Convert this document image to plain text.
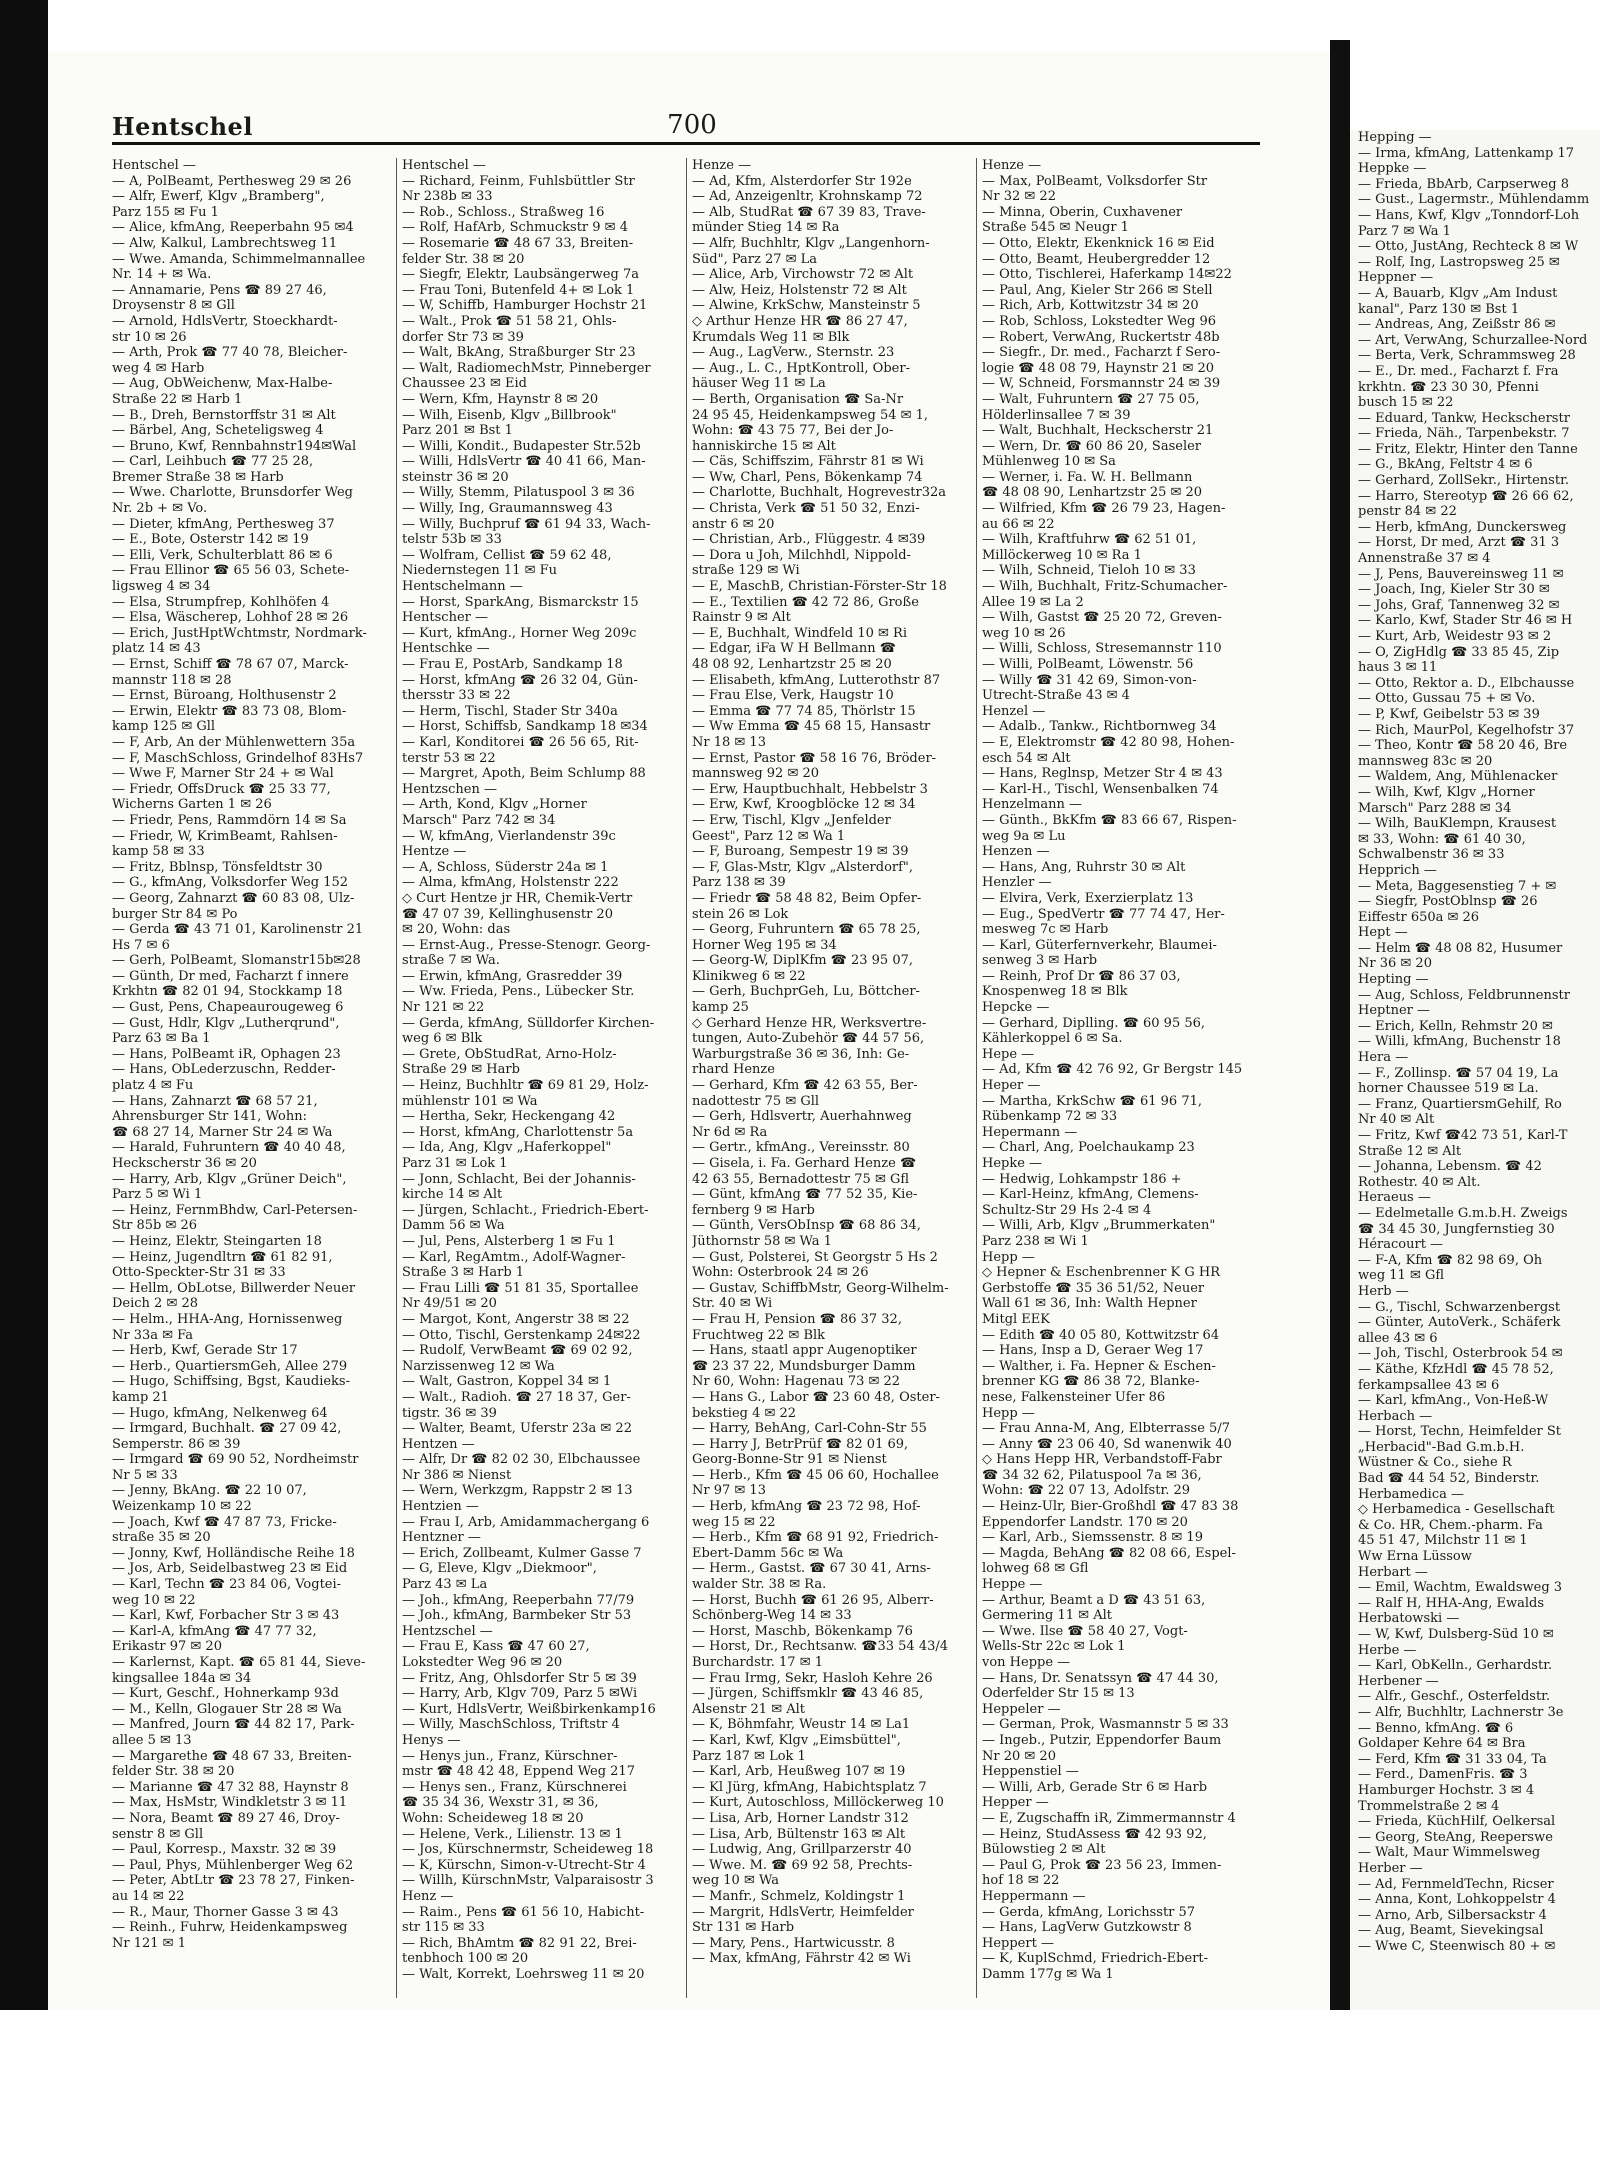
Hentschel	700
Hentschel —
— A, PolBeamt, Perthesweg 29 ✉ 26
— Alfr, Ewerf, Klgv „Bramberg",
Parz 155 ✉ Fu 1
— Alice, kfmAng, Reeperbahn 95 ✉4
— Alw, Kalkul, Lambrechtsweg 11
— Wwe. Amanda, Schimmelmannallee
Nr. 14 + ✉ Wa.
— Annamarie, Pens ☎ 89 27 46,
Droysenstr 8 ✉ Gll
— Arnold, HdlsVertr, Stoeckhardt-
str 10 ✉ 26
— Arth, Prok ☎ 77 40 78, Bleicher-
weg 4 ✉ Harb
— Aug, ObWeichenw, Max-Halbe-
Straße 22 ✉ Harb 1
— B., Dreh, Bernstorffstr 31 ✉ Alt
— Bärbel, Ang, Scheteligsweg 4
— Bruno, Kwf, Rennbahnstr194✉Wal
— Carl, Leihbuch ☎ 77 25 28,
Bremer Straße 38 ✉ Harb
— Wwe. Charlotte, Brunsdorfer Weg
Nr. 2b + ✉ Vo.
— Dieter, kfmAng, Perthesweg 37
— E., Bote, Osterstr 142 ✉ 19
— Elli, Verk, Schulterblatt 86 ✉ 6
— Frau Ellinor ☎ 65 56 03, Schete-
ligsweg 4 ✉ 34
— Elsa, Strumpfrep, Kohlhöfen 4
— Elsa, Wäscherep, Lohhof 28 ✉ 26
— Erich, JustHptWchtmstr, Nordmark-
platz 14 ✉ 43
— Ernst, Schiff ☎ 78 67 07, Marck-
mannstr 118 ✉ 28
— Ernst, Büroang, Holthusenstr 2
— Erwin, Elektr ☎ 83 73 08, Blom-
kamp 125 ✉ Gll
— F, Arb, An der Mühlenwettern 35a
— F, MaschSchloss, Grindelhof 83Hs7
— Wwe F, Marner Str 24 + ✉ Wal
— Friedr, OffsDruck ☎ 25 33 77,
Wicherns Garten 1 ✉ 26
— Friedr, Pens, Rammdörn 14 ✉ Sa
— Friedr, W, KrimBeamt, Rahlsen-
kamp 58 ✉ 33
— Fritz, Bblnsp, Tönsfeldtstr 30
— G., kfmAng, Volksdorfer Weg 152
— Georg, Zahnarzt ☎ 60 83 08, Ulz-
burger Str 84 ✉ Po
— Gerda ☎ 43 71 01, Karolinenstr 21
Hs 7 ✉ 6
— Gerh, PolBeamt, Slomanstr15b✉28
— Günth, Dr med, Facharzt f innere
Krkhtn ☎ 82 01 94, Stockkamp 18
— Gust, Pens, Chapeaurougeweg 6
— Gust, Hdlr, Klgv „Lutherqrund",
Parz 63 ✉ Ba 1
— Hans, PolBeamt iR, Ophagen 23
— Hans, ObLederzuschn, Redder-
platz 4 ✉ Fu
— Hans, Zahnarzt ☎ 68 57 21,
Ahrensburger Str 141, Wohn:
☎ 68 27 14, Marner Str 24 ✉ Wa
— Harald, Fuhruntern ☎ 40 40 48,
Heckscherstr 36 ✉ 20
— Harry, Arb, Klgv „Grüner Deich",
Parz 5 ✉ Wi 1
— Heinz, FernmBhdw, Carl-Petersen-
Str 85b ✉ 26
— Heinz, Elektr, Steingarten 18
— Heinz, Jugendltrn ☎ 61 82 91,
Otto-Speckter-Str 31 ✉ 33
— Hellm, ObLotse, Billwerder Neuer
Deich 2 ✉ 28
— Helm., HHA-Ang, Hornissenweg
Nr 33a ✉ Fa
— Herb, Kwf, Gerade Str 17
— Herb., QuartiersmGeh, Allee 279
— Hugo, Schiffsing, Bgst, Kaudieks-
kamp 21
— Hugo, kfmAng, Nelkenweg 64
— Irmgard, Buchhalt. ☎ 27 09 42,
Semperstr. 86 ✉ 39
— Irmgard ☎ 69 90 52, Nordheimstr
Nr 5 ✉ 33
— Jenny, BkAng. ☎ 22 10 07,
Weizenkamp 10 ✉ 22
— Joach, Kwf ☎ 47 87 73, Fricke-
straße 35 ✉ 20
— Jonny, Kwf, Holländische Reihe 18
— Jos, Arb, Seidelbastweg 23 ✉ Eid
— Karl, Techn ☎ 23 84 06, Vogtei-
weg 10 ✉ 22
— Karl, Kwf, Forbacher Str 3 ✉ 43
— Karl-A, kfmAng ☎ 47 77 32,
Erikastr 97 ✉ 20
— Karlernst, Kapt. ☎ 65 81 44, Sieve-
kingsallee 184a ✉ 34
— Kurt, Geschf., Hohnerkamp 93d
— M., Kelln, Glogauer Str 28 ✉ Wa
— Manfred, Journ ☎ 44 82 17, Park-
allee 5 ✉ 13
— Margarethe ☎ 48 67 33, Breiten-
felder Str. 38 ✉ 20
— Marianne ☎ 47 32 88, Haynstr 8
— Max, HsMstr, Windkletstr 3 ✉ 11
— Nora, Beamt ☎ 89 27 46, Droy-
senstr 8 ✉ Gll
— Paul, Korresp., Maxstr. 32 ✉ 39
— Paul, Phys, Mühlenberger Weg 62
— Peter, AbtLtr ☎ 23 78 27, Finken-
au 14 ✉ 22
— R., Maur, Thorner Gasse 3 ✉ 43
— Reinh., Fuhrw, Heidenkampsweg
Nr 121 ✉ 1
Hentschel —
— Richard, Feinm, Fuhlsbüttler Str
Nr 238b ✉ 33
— Rob., Schloss., Straßweg 16
— Rolf, HafArb, Schmuckstr 9 ✉ 4
— Rosemarie ☎ 48 67 33, Breiten-
felder Str. 38 ✉ 20
— Siegfr, Elektr, Laubsängerweg 7a
— Frau Toni, Butenfeld 4+ ✉ Lok 1
— W, Schiffb, Hamburger Hochstr 21
— Walt., Prok ☎ 51 58 21, Ohls-
dorfer Str 73 ✉ 39
— Walt, BkAng, Straßburger Str 23
— Walt, RadiomechMstr, Pinneberger
Chaussee 23 ✉ Eid
— Wern, Kfm, Haynstr 8 ✉ 20
— Wilh, Eisenb, Klgv „Billbrook"
Parz 201 ✉ Bst 1
— Willi, Kondit., Budapester Str.52b
— Willi, HdlsVertr ☎ 40 41 66, Man-
steinstr 36 ✉ 20
— Willy, Stemm, Pilatuspool 3 ✉ 36
— Willy, Ing, Graumannsweg 43
— Willy, Buchpruf ☎ 61 94 33, Wach-
telstr 53b ✉ 33
— Wolfram, Cellist ☎ 59 62 48,
Niedernstegen 11 ✉ Fu
Hentschelmann —
— Horst, SparkAng, Bismarckstr 15
Hentscher —
— Kurt, kfmAng., Horner Weg 209c
Hentschke —
— Frau E, PostArb, Sandkamp 18
— Horst, kfmAng ☎ 26 32 04, Gün-
thersstr 33 ✉ 22
— Herm, Tischl, Stader Str 340a
— Horst, Schiffsb, Sandkamp 18 ✉34
— Karl, Konditorei ☎ 26 56 65, Rit-
terstr 53 ✉ 22
— Margret, Apoth, Beim Schlump 88
Hentzschen —
— Arth, Kond, Klgv „Horner
Marsch" Parz 742 ✉ 34
— W, kfmAng, Vierlandenstr 39c
Hentze —
— A, Schloss, Süderstr 24a ✉ 1
— Alma, kfmAng, Holstenstr 222
◇ Curt Hentze jr HR, Chemik-Vertr
☎ 47 07 39, Kellinghusenstr 20
✉ 20, Wohn: das
— Ernst-Aug., Presse-Stenogr. Georg-
straße 7 ✉ Wa.
— Erwin, kfmAng, Grasredder 39
— Ww. Frieda, Pens., Lübecker Str.
Nr 121 ✉ 22
— Gerda, kfmAng, Sülldorfer Kirchen-
weg 6 ✉ Blk
— Grete, ObStudRat, Arno-Holz-
Straße 29 ✉ Harb
— Heinz, Buchhltr ☎ 69 81 29, Holz-
mühlenstr 101 ✉ Wa
— Hertha, Sekr, Heckengang 42
— Horst, kfmAng, Charlottenstr 5a
— Ida, Ang, Klgv „Haferkoppel"
Parz 31 ✉ Lok 1
— Jonn, Schlacht, Bei der Johannis-
kirche 14 ✉ Alt
— Jürgen, Schlacht., Friedrich-Ebert-
Damm 56 ✉ Wa
— Jul, Pens, Alsterberg 1 ✉ Fu 1
— Karl, RegAmtm., Adolf-Wagner-
Straße 3 ✉ Harb 1
— Frau Lilli ☎ 51 81 35, Sportallee
Nr 49/51 ✉ 20
— Margot, Kont, Angerstr 38 ✉ 22
— Otto, Tischl, Gerstenkamp 24✉22
— Rudolf, VerwBeamt ☎ 69 02 92,
Narzissenweg 12 ✉ Wa
— Walt, Gastron, Koppel 34 ✉ 1
— Walt., Radioh. ☎ 27 18 37, Ger-
tigstr. 36 ✉ 39
— Walter, Beamt, Uferstr 23a ✉ 22
Hentzen —
— Alfr, Dr ☎ 82 02 30, Elbchaussee
Nr 386 ✉ Nienst
— Wern, Werkzgm, Rappstr 2 ✉ 13
Hentzien —
— Frau I, Arb, Amidammachergang 6
Hentzner —
— Erich, Zollbeamt, Kulmer Gasse 7
— G, Eleve, Klgv „Diekmoor",
Parz 43 ✉ La
— Joh., kfmAng, Reeperbahn 77/79
— Joh., kfmAng, Barmbeker Str 53
Hentzschel —
— Frau E, Kass ☎ 47 60 27,
Lokstedter Weg 96 ✉ 20
— Fritz, Ang, Ohlsdorfer Str 5 ✉ 39
— Harry, Arb, Klgv 709, Parz 5 ✉Wi
— Kurt, HdlsVertr, Weißbirkenkamp16
— Willy, MaschSchloss, Triftstr 4
Henys —
— Henys jun., Franz, Kürschner-
mstr ☎ 48 42 48, Eppend Weg 217
— Henys sen., Franz, Kürschnerei
☎ 35 34 36, Wexstr 31, ✉ 36,
Wohn: Scheideweg 18 ✉ 20
— Helene, Verk., Lilienstr. 13 ✉ 1
— Jos, Kürschnermstr, Scheideweg 18
— K, Kürschn, Simon-v-Utrecht-Str 4
— Willh, KürschnMstr, Valparaisostr 3
Henz —
— Raim., Pens ☎ 61 56 10, Habicht-
str 115 ✉ 33
— Rich, BhAmtm ☎ 82 91 22, Brei-
tenbhoch 100 ✉ 20
— Walt, Korrekt, Loehrsweg 11 ✉ 20
Henze —
— Ad, Kfm, Alsterdorfer Str 192e
— Ad, Anzeigenltr, Krohnskamp 72
— Alb, StudRat ☎ 67 39 83, Trave-
münder Stieg 14 ✉ Ra
— Alfr, Buchhltr, Klgv „Langenhorn-
Süd", Parz 27 ✉ La
— Alice, Arb, Virchowstr 72 ✉ Alt
— Alw, Heiz, Holstenstr 72 ✉ Alt
— Alwine, KrkSchw, Mansteinstr 5
◇ Arthur Henze HR ☎ 86 27 47,
Krumdals Weg 11 ✉ Blk
— Aug., LagVerw., Sternstr. 23
— Aug., L. C., HptKontroll, Ober-
häuser Weg 11 ✉ La
— Berth, Organisation ☎ Sa-Nr
24 95 45, Heidenkampsweg 54 ✉ 1,
Wohn: ☎ 43 75 77, Bei der Jo-
hanniskirche 15 ✉ Alt
— Cäs, Schiffszim, Fährstr 81 ✉ Wi
— Ww, Charl, Pens, Bökenkamp 74
— Charlotte, Buchhalt, Hogrevestr32a
— Christa, Verk ☎ 51 50 32, Enzi-
anstr 6 ✉ 20
— Christian, Arb., Flüggestr. 4 ✉39
— Dora u Joh, Milchhdl, Nippold-
straße 129 ✉ Wi
— E, MaschB, Christian-Förster-Str 18
— E., Textilien ☎ 42 72 86, Große
Rainstr 9 ✉ Alt
— E, Buchhalt, Windfeld 10 ✉ Ri
— Edgar, iFa W H Bellmann ☎
48 08 92, Lenhartzstr 25 ✉ 20
— Elisabeth, kfmAng, Lutterothstr 87
— Frau Else, Verk, Haugstr 10
— Emma ☎ 77 74 85, Thörlstr 15
— Ww Emma ☎ 45 68 15, Hansastr
Nr 18 ✉ 13
— Ernst, Pastor ☎ 58 16 76, Bröder-
mannsweg 92 ✉ 20
— Erw, Hauptbuchhalt, Hebbelstr 3
— Erw, Kwf, Kroogblöcke 12 ✉ 34
— Erw, Tischl, Klgv „Jenfelder
Geest", Parz 12 ✉ Wa 1
— F, Buroang, Sempestr 19 ✉ 39
— F, Glas-Mstr, Klgv „Alsterdorf",
Parz 138 ✉ 39
— Friedr ☎ 58 48 82, Beim Opfer-
stein 26 ✉ Lok
— Georg, Fuhruntern ☎ 65 78 25,
Horner Weg 195 ✉ 34
— Georg-W, DiplKfm ☎ 23 95 07,
Klinikweg 6 ✉ 22
— Gerh, BuchprGeh, Lu, Böttcher-
kamp 25
◇ Gerhard Henze HR, Werksvertre-
tungen, Auto-Zubehör ☎ 44 57 56,
Warburgstraße 36 ✉ 36, Inh: Ge-
rhard Henze
— Gerhard, Kfm ☎ 42 63 55, Ber-
nadottestr 75 ✉ Gll
— Gerh, Hdlsvertr, Auerhahnweg
Nr 6d ✉ Ra
— Gertr., kfmAng., Vereinsstr. 80
— Gisela, i. Fa. Gerhard Henze ☎
42 63 55, Bernadottestr 75 ✉ Gfl
— Günt, kfmAng ☎ 77 52 35, Kie-
fernberg 9 ✉ Harb
— Günth, VersObInsp ☎ 68 86 34,
Jüthornstr 58 ✉ Wa 1
— Gust, Polsterei, St Georgstr 5 Hs 2
Wohn: Osterbrook 24 ✉ 26
— Gustav, SchiffbMstr, Georg-Wilhelm-
Str. 40 ✉ Wi
— Frau H, Pension ☎ 86 37 32,
Fruchtweg 22 ✉ Blk
— Hans, staatl appr Augenoptiker
☎ 23 37 22, Mundsburger Damm
Nr 60, Wohn: Hagenau 73 ✉ 22
— Hans G., Labor ☎ 23 60 48, Oster-
bekstieg 4 ✉ 22
— Harry, BehAng, Carl-Cohn-Str 55
— Harry J, BetrPrüf ☎ 82 01 69,
Georg-Bonne-Str 91 ✉ Nienst
— Herb., Kfm ☎ 45 06 60, Hochallee
Nr 97 ✉ 13
— Herb, kfmAng ☎ 23 72 98, Hof-
weg 15 ✉ 22
— Herb., Kfm ☎ 68 91 92, Friedrich-
Ebert-Damm 56c ✉ Wa
— Herm., Gastst. ☎ 67 30 41, Arns-
walder Str. 38 ✉ Ra.
— Horst, Buchh ☎ 61 26 95, Alberr-
Schönberg-Weg 14 ✉ 33
— Horst, Maschb, Bökenkamp 76
— Horst, Dr., Rechtsanw. ☎33 54 43/4
Burchardstr. 17 ✉ 1
— Frau Irmg, Sekr, Hasloh Kehre 26
— Jürgen, Schiffsmklr ☎ 43 46 85,
Alsenstr 21 ✉ Alt
— K, Böhmfahr, Weustr 14 ✉ La1
— Karl, Kwf, Klgv „Eimsbüttel",
Parz 187 ✉ Lok 1
— Karl, Arb, Heußweg 107 ✉ 19
— Kl Jürg, kfmAng, Habichtsplatz 7
— Kurt, Autoschloss, Millöckerweg 10
— Lisa, Arb, Horner Landstr 312
— Lisa, Arb, Bültenstr 163 ✉ Alt
— Ludwig, Ang, Grillparzerstr 40
— Wwe. M. ☎ 69 92 58, Prechts-
weg 10 ✉ Wa
— Manfr., Schmelz, Koldingstr 1
— Margrit, HdlsVertr, Heimfelder
Str 131 ✉ Harb
— Mary, Pens., Hartwicusstr. 8
— Max, kfmAng, Fährstr 42 ✉ Wi
Henze —
— Max, PolBeamt, Volksdorfer Str
Nr 32 ✉ 22
— Minna, Oberin, Cuxhavener
Straße 545 ✉ Neugr 1
— Otto, Elektr, Ekenknick 16 ✉ Eid
— Otto, Beamt, Heubergredder 12
— Otto, Tischlerei, Haferkamp 14✉22
— Paul, Ang, Kieler Str 266 ✉ Stell
— Rich, Arb, Kottwitzstr 34 ✉ 20
— Rob, Schloss, Lokstedter Weg 96
— Robert, VerwAng, Ruckertstr 48b
— Siegfr., Dr. med., Facharzt f Sero-
logie ☎ 48 08 79, Haynstr 21 ✉ 20
— W, Schneid, Forsmannstr 24 ✉ 39
— Walt, Fuhruntern ☎ 27 75 05,
Hölderlinsallee 7 ✉ 39
— Walt, Buchhalt, Heckscherstr 21
— Wern, Dr. ☎ 60 86 20, Saseler
Mühlenweg 10 ✉ Sa
— Werner, i. Fa. W. H. Bellmann
☎ 48 08 90, Lenhartzstr 25 ✉ 20
— Wilfried, Kfm ☎ 26 79 23, Hagen-
au 66 ✉ 22
— Wilh, Kraftfuhrw ☎ 62 51 01,
Millöckerweg 10 ✉ Ra 1
— Wilh, Schneid, Tieloh 10 ✉ 33
— Wilh, Buchhalt, Fritz-Schumacher-
Allee 19 ✉ La 2
— Wilh, Gastst ☎ 25 20 72, Greven-
weg 10 ✉ 26
— Willi, Schloss, Stresemannstr 110
— Willi, PolBeamt, Löwenstr. 56
— Willy ☎ 31 42 69, Simon-von-
Utrecht-Straße 43 ✉ 4
Henzel —
— Adalb., Tankw., Richtbornweg 34
— E, Elektromstr ☎ 42 80 98, Hohen-
esch 54 ✉ Alt
— Hans, Reglnsp, Metzer Str 4 ✉ 43
— Karl-H., Tischl, Wensenbalken 74
Henzelmann —
— Günth., BkKfm ☎ 83 66 67, Rispen-
weg 9a ✉ Lu
Henzen —
— Hans, Ang, Ruhrstr 30 ✉ Alt
Henzler —
— Elvira, Verk, Exerzierplatz 13
— Eug., SpedVertr ☎ 77 74 47, Her-
mesweg 7c ✉ Harb
— Karl, Güterfernverkehr, Blaumei-
senweg 3 ✉ Harb
— Reinh, Prof Dr ☎ 86 37 03,
Knospenweg 18 ✉ Blk
Hepcke —
— Gerhard, Diplling. ☎ 60 95 56,
Kählerkoppel 6 ✉ Sa.
Hepe —
— Ad, Kfm ☎ 42 76 92, Gr Bergstr 145
Heper —
— Martha, KrkSchw ☎ 61 96 71,
Rübenkamp 72 ✉ 33
Hepermann —
— Charl, Ang, Poelchaukamp 23
Hepke —
— Hedwig, Lohkampstr 186 +
— Karl-Heinz, kfmAng, Clemens-
Schultz-Str 29 Hs 2-4 ✉ 4
— Willi, Arb, Klgv „Brummerkaten"
Parz 238 ✉ Wi 1
Hepp —
◇ Hepner & Eschenbrenner K G HR
Gerbstoffe ☎ 35 36 51/52, Neuer
Wall 61 ✉ 36, Inh: Walth Hepner
Mitgl EEK
— Edith ☎ 40 05 80, Kottwitzstr 64
— Hans, Insp a D, Geraer Weg 17
— Walther, i. Fa. Hepner & Eschen-
brenner KG ☎ 86 38 72, Blanke-
nese, Falkensteiner Ufer 86
Hepp —
— Frau Anna-M, Ang, Elbterrasse 5/7
— Anny ☎ 23 06 40, Sd wanenwik 40
◇ Hans Hepp HR, Verbandstoff-Fabr
☎ 34 32 62, Pilatuspool 7a ✉ 36,
Wohn: ☎ 22 07 13, Adolfstr. 29
— Heinz-Ulr, Bier-Großhdl ☎ 47 83 38
Eppendorfer Landstr. 170 ✉ 20
— Karl, Arb., Siemssenstr. 8 ✉ 19
— Magda, BehAng ☎ 82 08 66, Espel-
lohweg 68 ✉ Gfl
Heppe —
— Arthur, Beamt a D ☎ 43 51 63,
Germering 11 ✉ Alt
— Wwe. Ilse ☎ 58 40 27, Vogt-
Wells-Str 22c ✉ Lok 1
von Heppe —
— Hans, Dr. Senatssyn ☎ 47 44 30,
Oderfelder Str 15 ✉ 13
Heppeler —
— German, Prok, Wasmannstr 5 ✉ 33
— Ingeb., Putzir, Eppendorfer Baum
Nr 20 ✉ 20
Heppenstiel —
— Willi, Arb, Gerade Str 6 ✉ Harb
Hepper —
— E, Zugschaffn iR, Zimmermannstr 4
— Heinz, StudAssess ☎ 42 93 92,
Bülowstieg 2 ✉ Alt
— Paul G, Prok ☎ 23 56 23, Immen-
hof 18 ✉ 22
Heppermann —
— Gerda, kfmAng, Lorichsstr 57
— Hans, LagVerw Gutzkowstr 8
Heppert —
— K, KuplSchmd, Friedrich-Ebert-
Damm 177g ✉ Wa 1
Hepping —
— Irma, kfmAng, Lattenkamp 17
Heppke —
— Frieda, BbArb, Carpserweg 8
— Gust., Lagermstr., Mühlendamm
— Hans, Kwf, Klgv „Tonndorf-Loh
Parz 7 ✉ Wa 1
— Otto, JustAng, Rechteck 8 ✉ W
— Rolf, Ing, Lastropsweg 25 ✉
Heppner —
— A, Bauarb, Klgv „Am Indust
kanal", Parz 130 ✉ Bst 1
— Andreas, Ang, Zeißstr 86 ✉
— Art, VerwAng, Schurzallee-Nord
— Berta, Verk, Schrammsweg 28
— E., Dr. med., Facharzt f. Fra
krkhtn. ☎ 23 30 30, Pfenni
busch 15 ✉ 22
— Eduard, Tankw, Heckscherstr
— Frieda, Näh., Tarpenbekstr. 7
— Fritz, Elektr, Hinter den Tanne
— G., BkAng, Feltstr 4 ✉ 6
— Gerhard, ZollSekr., Hirtenstr.
— Harro, Stereotyp ☎ 26 66 62,
penstr 84 ✉ 22
— Herb, kfmAng, Dunckersweg
— Horst, Dr med, Arzt ☎ 31 3
Annenstraße 37 ✉ 4
— J, Pens, Bauvereinsweg 11 ✉
— Joach, Ing, Kieler Str 30 ✉
— Johs, Graf, Tannenweg 32 ✉
— Karlo, Kwf, Stader Str 46 ✉ H
— Kurt, Arb, Weidestr 93 ✉ 2
— O, ZigHdlg ☎ 33 85 45, Zip
haus 3 ✉ 11
— Otto, Rektor a. D., Elbchausse
— Otto, Gussau 75 + ✉ Vo.
— P, Kwf, Geibelstr 53 ✉ 39
— Rich, MaurPol, Kegelhofstr 37
— Theo, Kontr ☎ 58 20 46, Bre
mannsweg 83c ✉ 20
— Waldem, Ang, Mühlenacker
— Wilh, Kwf, Klgv „Horner
Marsch" Parz 288 ✉ 34
— Wilh, BauKlempn, Krausest
✉ 33, Wohn: ☎ 61 40 30,
Schwalbenstr 36 ✉ 33
Hepprich —
— Meta, Baggesenstieg 7 + ✉
— Siegfr, PostOblnsp ☎ 26
Eiffestr 650a ✉ 26
Hept —
— Helm ☎ 48 08 82, Husumer
Nr 36 ✉ 20
Hepting —
— Aug, Schloss, Feldbrunnenstr
Heptner —
— Erich, Kelln, Rehmstr 20 ✉
— Willi, kfmAng, Buchenstr 18
Hera —
— F., Zollinsp. ☎ 57 04 19, La
horner Chaussee 519 ✉ La.
— Franz, QuartiersmGehilf, Ro
Nr 40 ✉ Alt
— Fritz, Kwf ☎42 73 51, Karl-T
Straße 12 ✉ Alt
— Johanna, Lebensm. ☎ 42
Rothestr. 40 ✉ Alt.
Heraeus —
— Edelmetalle G.m.b.H. Zweigs
☎ 34 45 30, Jungfernstieg 30
Héracourt —
— F-A, Kfm ☎ 82 98 69, Oh
weg 11 ✉ Gfl
Herb —
— G., Tischl, Schwarzenbergst
— Günter, AutoVerk., Schäferk
allee 43 ✉ 6
— Joh, Tischl, Osterbrook 54 ✉
— Käthe, KfzHdl ☎ 45 78 52,
ferkampsallee 43 ✉ 6
— Karl, kfmAng., Von-Heß-W
Herbach —
— Horst, Techn, Heimfelder St
„Herbacid"-Bad G.m.b.H.
Wüstner & Co., siehe R
Bad ☎ 44 54 52, Binderstr.
Herbamedica —
◇ Herbamedica - Gesellschaft
& Co. HR, Chem.-pharm. Fa
45 51 47, Milchstr 11 ✉ 1
Ww Erna Lüssow
Herbart —
— Emil, Wachtm, Ewaldsweg 3
— Ralf H, HHA-Ang, Ewalds
Herbatowski —
— W, Kwf, Dulsberg-Süd 10 ✉
Herbe —
— Karl, ObKelln., Gerhardstr.
Herbener —
— Alfr., Geschf., Osterfeldstr.
— Alfr, Buchhltr, Lachnerstr 3e
— Benno, kfmAng. ☎ 6
Goldaper Kehre 64 ✉ Bra
— Ferd, Kfm ☎ 31 33 04, Ta
— Ferd., DamenFris. ☎ 3
Hamburger Hochstr. 3 ✉ 4
Trommelstraße 2 ✉ 4
— Frieda, KüchHilf, Oelkersal
— Georg, SteAng, Reeperswe
— Walt, Maur Wimmelsweg
Herber —
— Ad, FernmeldTechn, Ricser
— Anna, Kont, Lohkoppelstr 4
— Arno, Arb, Silbersackstr 4
— Aug, Beamt, Sievekingsal
— Wwe C, Steenwisch 80 + ✉
